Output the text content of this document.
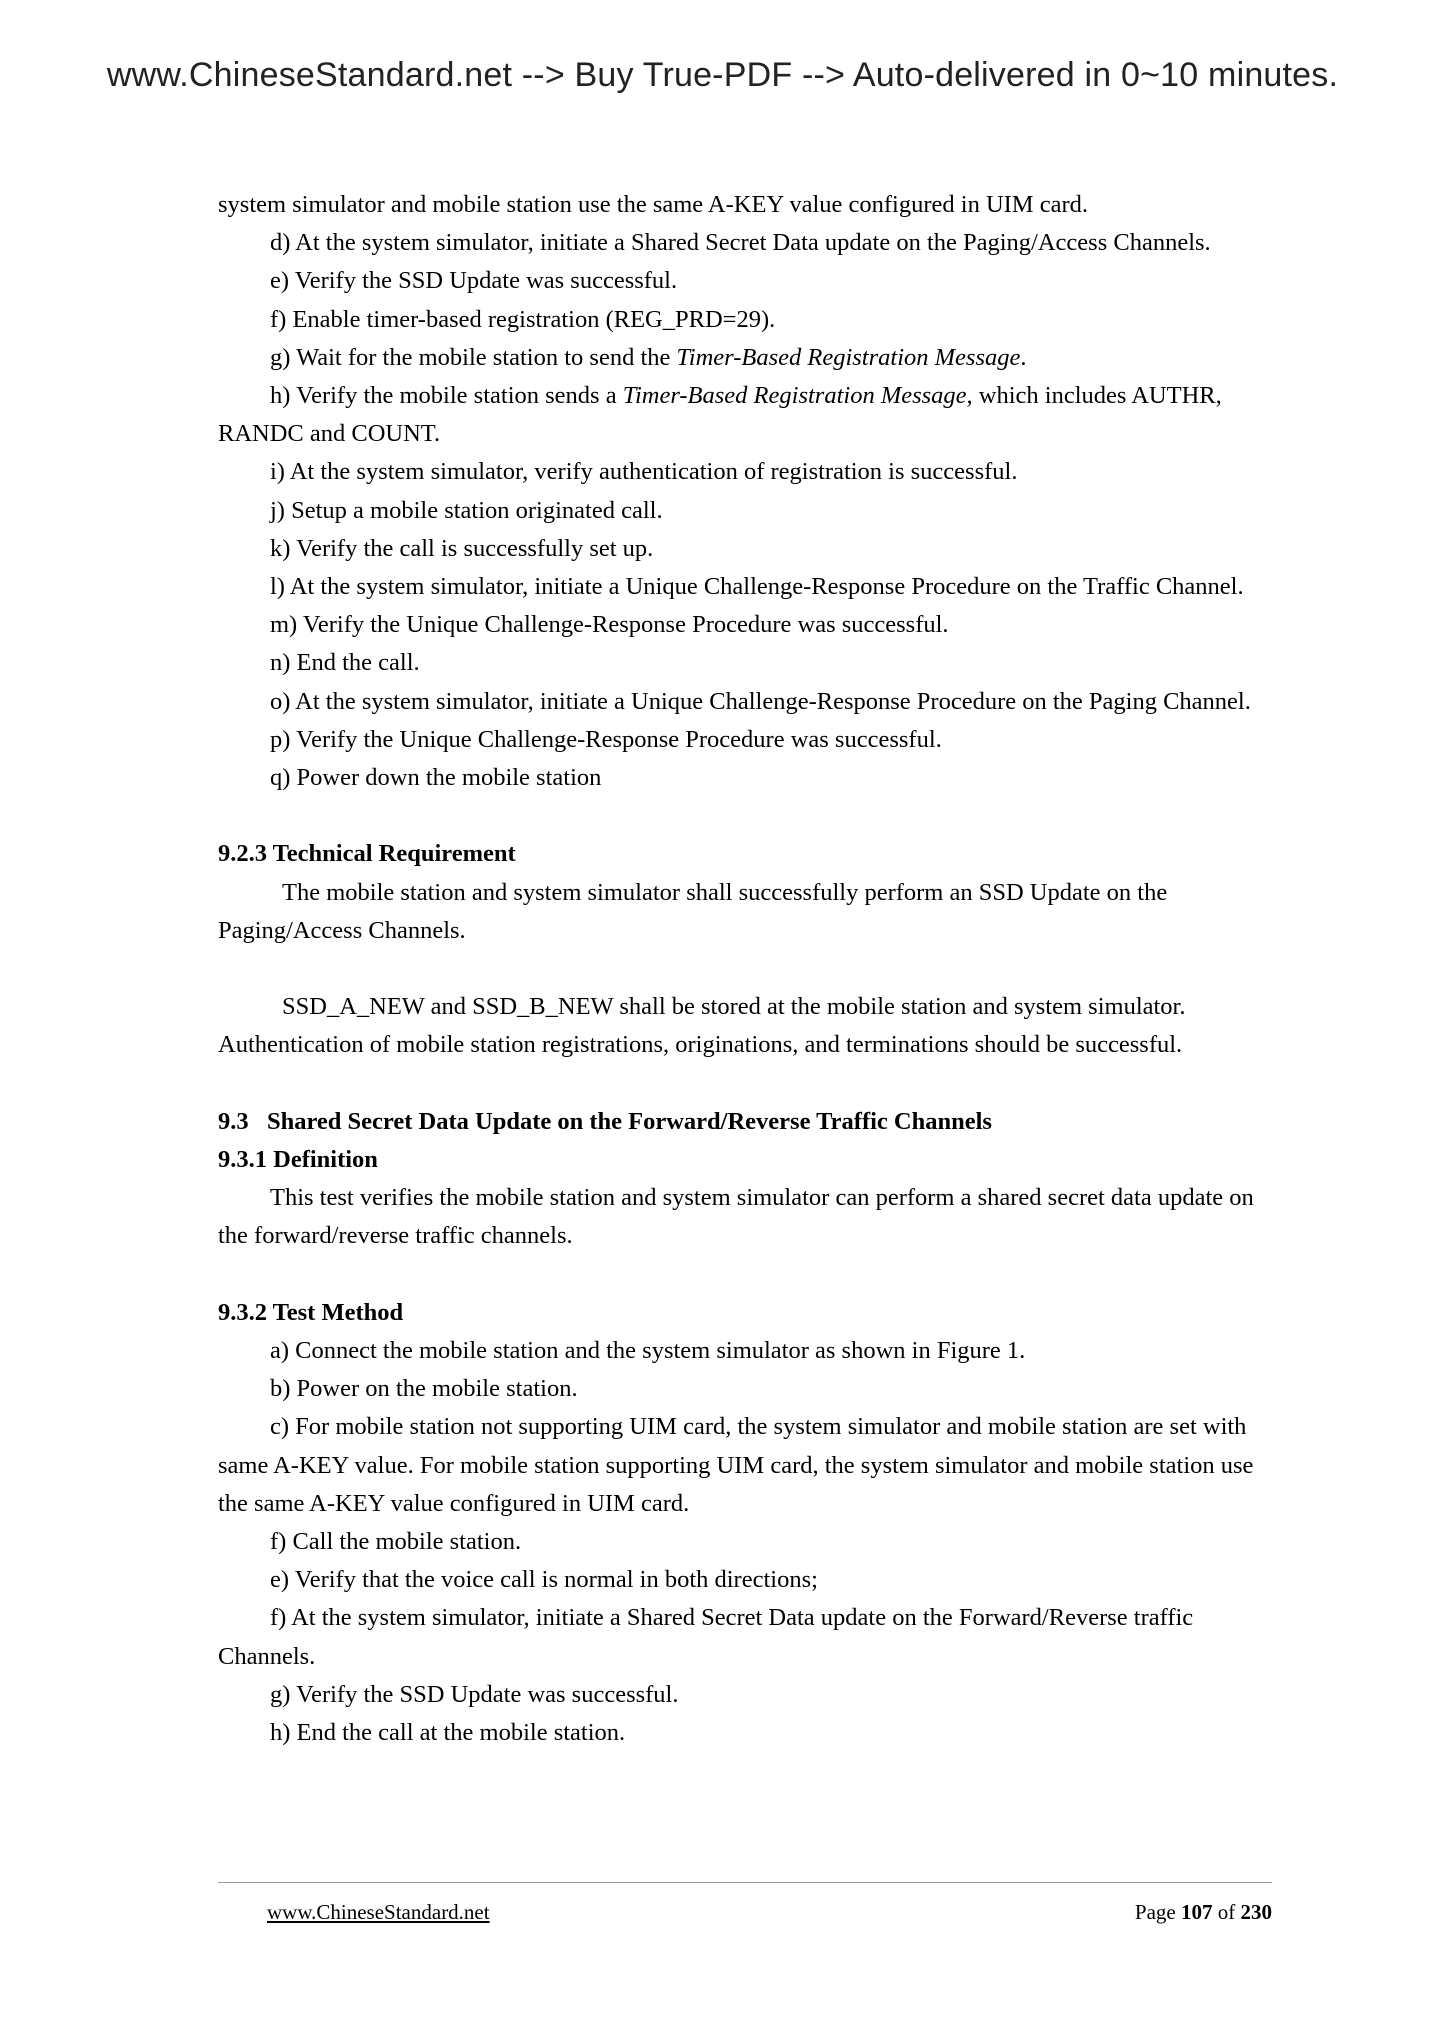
www.ChineseStandard.net --> Buy True-PDF --> Auto-delivered in 0~10 minutes.

system simulator and mobile station use the same A-KEY value configured in UIM card.

d) At the system simulator, initiate a Shared Secret Data update on the Paging/Access Channels.

e) Verify the SSD Update was successful.

f) Enable timer-based registration (REG_PRD=29).

g) Wait for the mobile station to send the Timer-Based Registration Message.

h) Verify the mobile station sends a Timer-Based Registration Message, which includes AUTHR, RANDC and COUNT.

i) At the system simulator, verify authentication of registration is successful.

j) Setup a mobile station originated call.

k) Verify the call is successfully set up.

l) At the system simulator, initiate a Unique Challenge-Response Procedure on the Traffic Channel.

m) Verify the Unique Challenge-Response Procedure was successful.

n) End the call.

o) At the system simulator, initiate a Unique Challenge-Response Procedure on the Paging Channel.

p) Verify the Unique Challenge-Response Procedure was successful.

q) Power down the mobile station

9.2.3 Technical Requirement

The mobile station and system simulator shall successfully perform an SSD Update on the Paging/Access Channels.

SSD_A_NEW and SSD_B_NEW shall be stored at the mobile station and system simulator. Authentication of mobile station registrations, originations, and terminations should be successful.

9.3   Shared Secret Data Update on the Forward/Reverse Traffic Channels

9.3.1 Definition

This test verifies the mobile station and system simulator can perform a shared secret data update on the forward/reverse traffic channels.

9.3.2 Test Method

a) Connect the mobile station and the system simulator as shown in Figure 1.

b) Power on the mobile station.

c) For mobile station not supporting UIM card, the system simulator and mobile station are set with same A-KEY value. For mobile station supporting UIM card, the system simulator and mobile station use the same A-KEY value configured in UIM card.

f) Call the mobile station.

e) Verify that the voice call is normal in both directions;

f) At the system simulator, initiate a Shared Secret Data update on the Forward/Reverse traffic Channels.

g) Verify the SSD Update was successful.

h) End the call at the mobile station.

www.ChineseStandard.net	Page 107 of 230
